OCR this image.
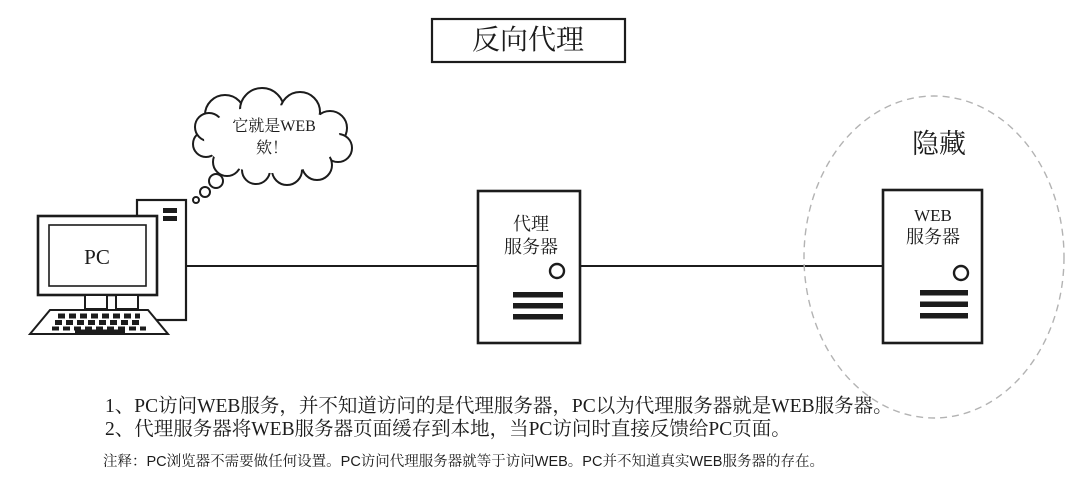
反向代理
它就是WEB
欸！	隐藏
PC
代理
服务器
WEB
服务器
1、PC访问WEB服务，并不知道访问的是代理服务器，PC以为代理服务器就是WEB服务器。
2、代理服务器将WEB服务器页面缓存到本地，当PC访问时直接反馈给PC页面。
注释：PC浏览器不需要做任何设置。PC访问代理服务器就等于访问WEB。PC并不知道真实WEB服务器的存在。
